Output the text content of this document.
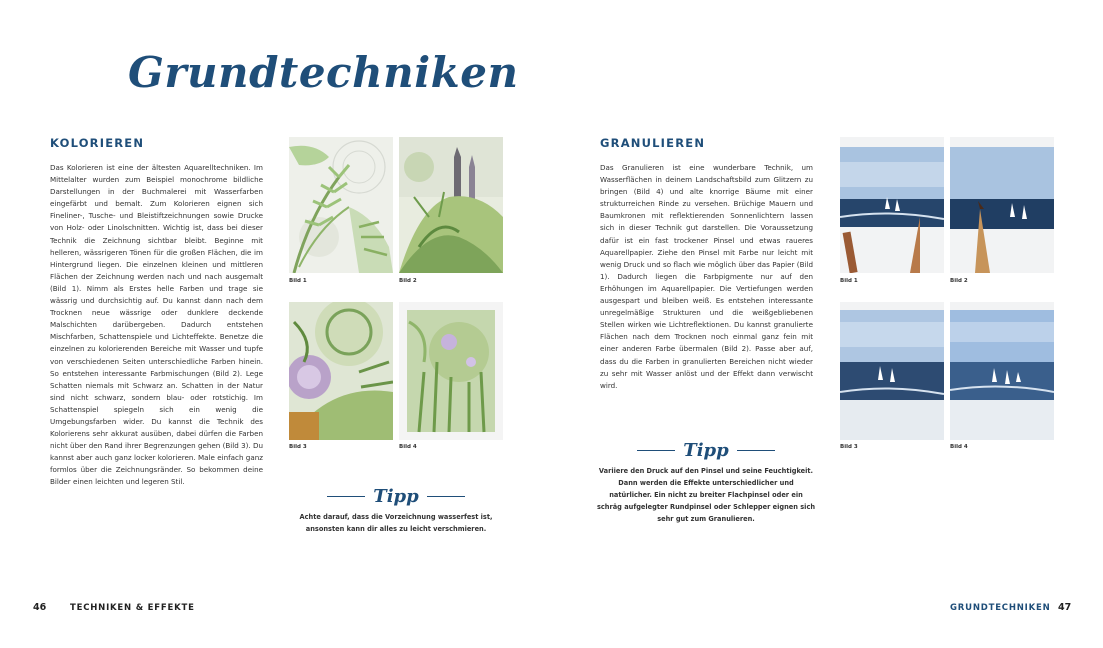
Grundtechniken
KOLORIEREN

Das Kolorieren ist eine der ältesten Aquarelltechniken. Im Mittelalter wurden zum Beispiel monochrome bildliche Darstellungen in der Buchmalerei mit Wasserfarben eingefärbt und bemalt. Zum Kolorieren eignen sich Fineliner-, Tusche- und Bleistiftzeichnungen sowie Drucke von Holz- oder Linolschnitten. Wichtig ist, dass bei dieser Technik die Zeichnung sichtbar bleibt. Beginne mit helleren, wässrigeren Tönen für die großen Flächen, die im Hintergrund liegen. Die einzelnen kleinen und mittleren Flächen der Zeichnung werden nach und nach ausgemalt (Bild 1). Nimm als Erstes helle Farben und trage sie wässrig und durchsichtig auf. Du kannst dann nach dem Trocknen neue wässrige oder dunklere deckende Malschichten darübergeben. Dadurch entstehen Mischfarben, Schattenspiele und Lichteffekte. Benetze die einzelnen zu kolorierenden Bereiche mit Wasser und tupfe von verschiedenen Seiten unterschiedliche Farben hinein. So entstehen interessante Farbmischungen (Bild 2). Lege Schatten niemals mit Schwarz an. Schatten in der Natur sind nicht schwarz, sondern blau- oder rotstichig. Im Schattenspiel spiegeln sich ein wenig die Umgebungsfarben wider. Du kannst die Technik des Kolorierens sehr akkurat ausüben, dabei dürfen die Farben nicht über den Rand ihrer Begrenzungen gehen (Bild 3). Du kannst aber auch ganz locker kolorieren. Male einfach ganz formlos über die Zeichnungsränder. So bekommen deine Bilder einen leichten und legeren Stil.

Bild 1	Bild 2
Bild 3	Bild 4
Tipp
Achte darauf, dass die Vorzeichnung wasserfest ist, ansonsten kann dir alles zu leicht verschmieren.
GRANULIEREN

Das Granulieren ist eine wunderbare Technik, um Wasserflächen in deinem Landschaftsbild zum Glitzern zu bringen (Bild 4) und alte knorrige Bäume mit einer strukturreichen Rinde zu versehen. Brüchige Mauern und Baumkronen mit reflektierenden Sonnenlichtern lassen sich in dieser Technik gut darstellen. Die Voraussetzung dafür ist ein fast trockener Pinsel und etwas raueres Aquarellpapier. Ziehe den Pinsel mit Farbe nur leicht mit wenig Druck und so flach wie möglich über das Papier (Bild 1). Dadurch liegen die Farbpigmente nur auf den Erhöhungen im Aquarellpapier. Die Vertiefungen werden ausgespart und bleiben weiß. Es entstehen interessante unregelmäßige Strukturen und die weißgebliebenen Stellen wirken wie Lichtreflektionen. Du kannst granulierte Flächen nach dem Trocknen noch einmal ganz fein mit einer anderen Farbe übermalen (Bild 2). Passe aber auf, dass du die Farben in granulierten Bereichen nicht wieder zu sehr mit Wasser anlöst und der Effekt dann verwischt wird.

Bild 1	Bild 2
Bild 3	Bild 4
Tipp
Variiere den Druck auf den Pinsel und seine Feuchtigkeit. Dann werden die Effekte unterschiedlicher und natürlicher. Ein nicht zu breiter Flachpinsel oder ein schräg aufgelegter Rundpinsel oder Schlepper eignen sich sehr gut zum Granulieren.
46	TECHNIKEN & EFFEKTE	GRUNDTECHNIKEN 47
